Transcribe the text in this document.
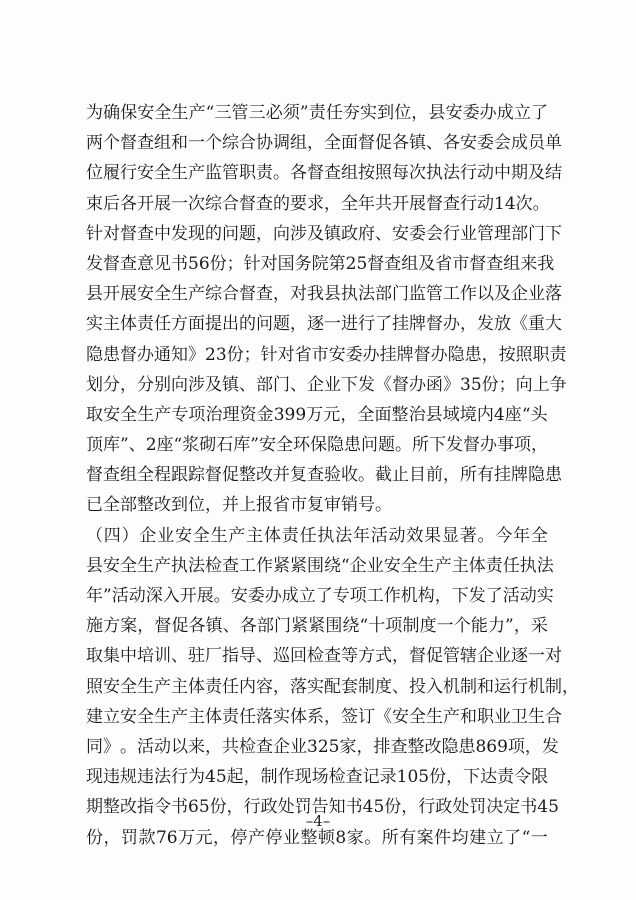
为 确 保 安 全 生 产 “ 三 管 三 必 须 ” 责 任 夯 实 到 位 ， 县 安 委 办 成 立 了
两 个 督 查 组 和 一 个 综 合 协 调 组 ， 全 面 督 促 各 镇 、 各 安 委 会 成 员 单
位 履 行 安 全 生 产 监 管 职 责 。 各 督 查 组 按 照 每 次 执 法 行 动 中 期 及 结
束 后 各 开 展 一 次 综 合 督 查 的 要 求 ， 全 年 共 开 展 督 查 行 动 14 次 。
针 对 督 查 中 发 现 的 问 题 ， 向 涉 及 镇 政 府 、 安 委 会 行 业 管 理 部 门 下
发 督 查 意 见 书 56 份 ； 针 对 国 务 院 第 25 督 查 组 及 省 市 督 查 组 来 我
县 开 展 安 全 生 产 综 合 督 查 ， 对 我 县 执 法 部 门 监 管 工 作 以 及 企 业 落
实 主 体 责 任 方 面 提 出 的 问 题 ， 逐 一 进 行 了 挂 牌 督 办 ， 发 放 《 重 大
隐 患 督 办 通 知 》 23 份 ； 针 对 省 市 安 委 办 挂 牌 督 办 隐 患 ， 按 照 职 责
划 分 ， 分 别 向 涉 及 镇 、 部 门 、 企 业 下 发 《 督 办 函 》 35 份 ； 向 上 争
取 安 全 生 产 专 项 治 理 资 金 399 万 元 ， 全 面 整 治 县 域 境 内 4 座 “ 头
顶 库 ” 、 2 座 “ 浆 砌 石 库 ” 安 全 环 保 隐 患 问 题 。 所 下 发 督 办 事 项 ，
督 查 组 全 程 跟 踪 督 促 整 改 并 复 查 验 收 。 截 止 目 前 ， 所 有 挂 牌 隐 患
已 全 部 整 改 到 位 ， 并 上 报 省 市 复 审 销 号 。
（ 四 ） 企 业 安 全 生 产 主 体 责 任 执 法 年 活 动 效 果 显 著 。 今 年 全
县 安 全 生 产 执 法 检 查 工 作 紧 紧 围 绕 “ 企 业 安 全 生 产 主 体 责 任 执 法
年 ” 活 动 深 入 开 展 。 安 委 办 成 立 了 专 项 工 作 机 构 ， 下 发 了 活 动 实
施 方 案 ， 督 促 各 镇 、 各 部 门 紧 紧 围 绕 “ 十 项 制 度 一 个 能 力 ” ， 采
取 集 中 培 训 、 驻 厂 指 导 、 巡 回 检 查 等 方 式 ， 督 促 管 辖 企 业 逐 一 对
照 安 全 生 产 主 体 责 任 内 容 ， 落 实 配 套 制 度 、 投 入 机 制 和 运 行 机 制 ，
建 立 安 全 生 产 主 体 责 任 落 实 体 系 ， 签 订 《 安 全 生 产 和 职 业 卫 生 合
同 》 。 活 动 以 来 ， 共 检 查 企 业 325 家 ， 排 查 整 改 隐 患 869 项 ， 发
现 违 规 违 法 行 为 45 起 ， 制 作 现 场 检 查 记 录 105 份 ， 下 达 责 令 限
期 整 改 指 令 书 65 份 ， 行 政 处 罚 告 知 书 45 份 ， 行 政 处 罚 决 定 书 45
份 ， 罚 款 76 万 元 ， 停 产 停 业 整 顿 8 家 。 所 有 案 件 均 建 立 了 “ 一
–4–
